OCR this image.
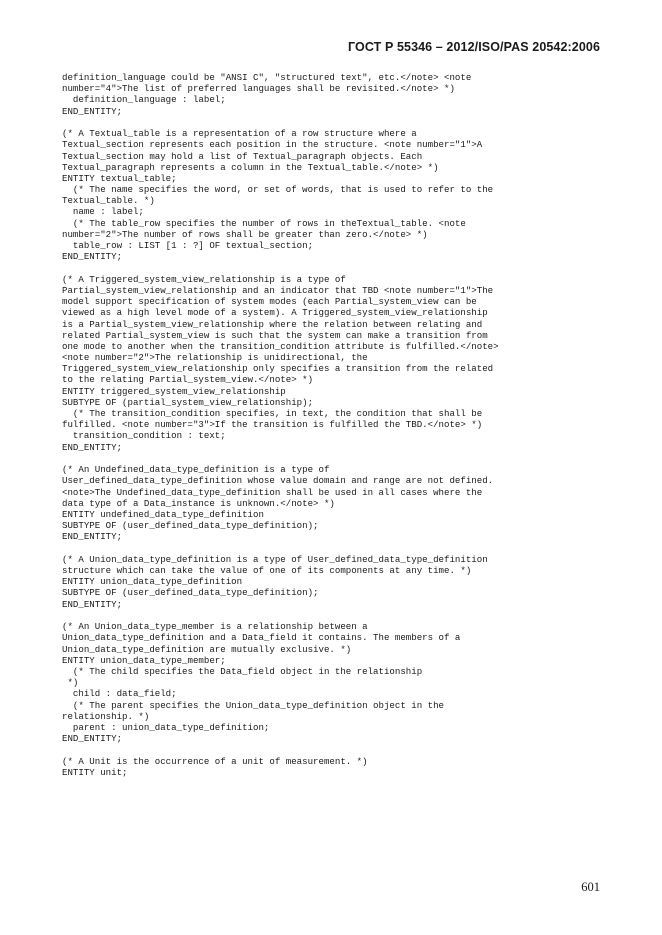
ГОСТ Р 55346 – 2012/ISO/PAS 20542:2006
definition_language could be "ANSI C", "structured text", etc.</note> <note
number="4">The list of preferred languages shall be revisited.</note> *)
definition_language : label;
END_ENTITY;
(* A Textual_table is a representation of a row structure where a
Textual_section represents each position in the structure. <note number="1">A
Textual_section may hold a list of Textual_paragraph objects. Each
Textual_paragraph represents a column in the Textual_table.</note> *)
ENTITY textual_table;
(* The name specifies the word, or set of words, that is used to refer to the
Textual_table. *)
name : label;
(* The table_row specifies the number of rows in theTextual_table. <note
number="2">The number of rows shall be greater than zero.</note> *)
table_row : LIST [1 : ?] OF textual_section;
END_ENTITY;
(* A Triggered_system_view_relationship is a type of
Partial_system_view_relationship and an indicator that TBD <note number="1">The
model support specification of system modes (each Partial_system_view can be
viewed as a high level mode of a system). A Triggered_system_view_relationship
is a Partial_system_view_relationship where the relation between relating and
related Partial_system_view is such that the system can make a transition from
one mode to another when the transition_condition attribute is fulfilled.</note>
<note number="2">The relationship is unidirectional, the
Triggered_system_view_relationship only specifies a transition from the related
to the relating Partial_system_view.</note> *)
ENTITY triggered_system_view_relationship
SUBTYPE OF (partial_system_view_relationship);
(* The transition_condition specifies, in text, the condition that shall be
fulfilled. <note number="3">If the transition is fulfilled the TBD.</note> *)
transition_condition : text;
END_ENTITY;
(* An Undefined_data_type_definition is a type of
User_defined_data_type_definition whose value domain and range are not defined.
<note>The Undefined_data_type_definition shall be used in all cases where the
data type of a Data_instance is unknown.</note> *)
ENTITY undefined_data_type_definition
SUBTYPE OF (user_defined_data_type_definition);
END_ENTITY;
(* A Union_data_type_definition is a type of User_defined_data_type_definition
structure which can take the value of one of its components at any time. *)
ENTITY union_data_type_definition
SUBTYPE OF (user_defined_data_type_definition);
END_ENTITY;
(* An Union_data_type_member is a relationship between a
Union_data_type_definition and a Data_field it contains. The members of a
Union_data_type_definition are mutually exclusive. *)
ENTITY union_data_type_member;
(* The child specifies the Data_field object in the relationship
*)
child : data_field;
(* The parent specifies the Union_data_type_definition object in the
relationship. *)
parent : union_data_type_definition;
END_ENTITY;
(* A Unit is the occurrence of a unit of measurement. *)
ENTITY unit;
601
